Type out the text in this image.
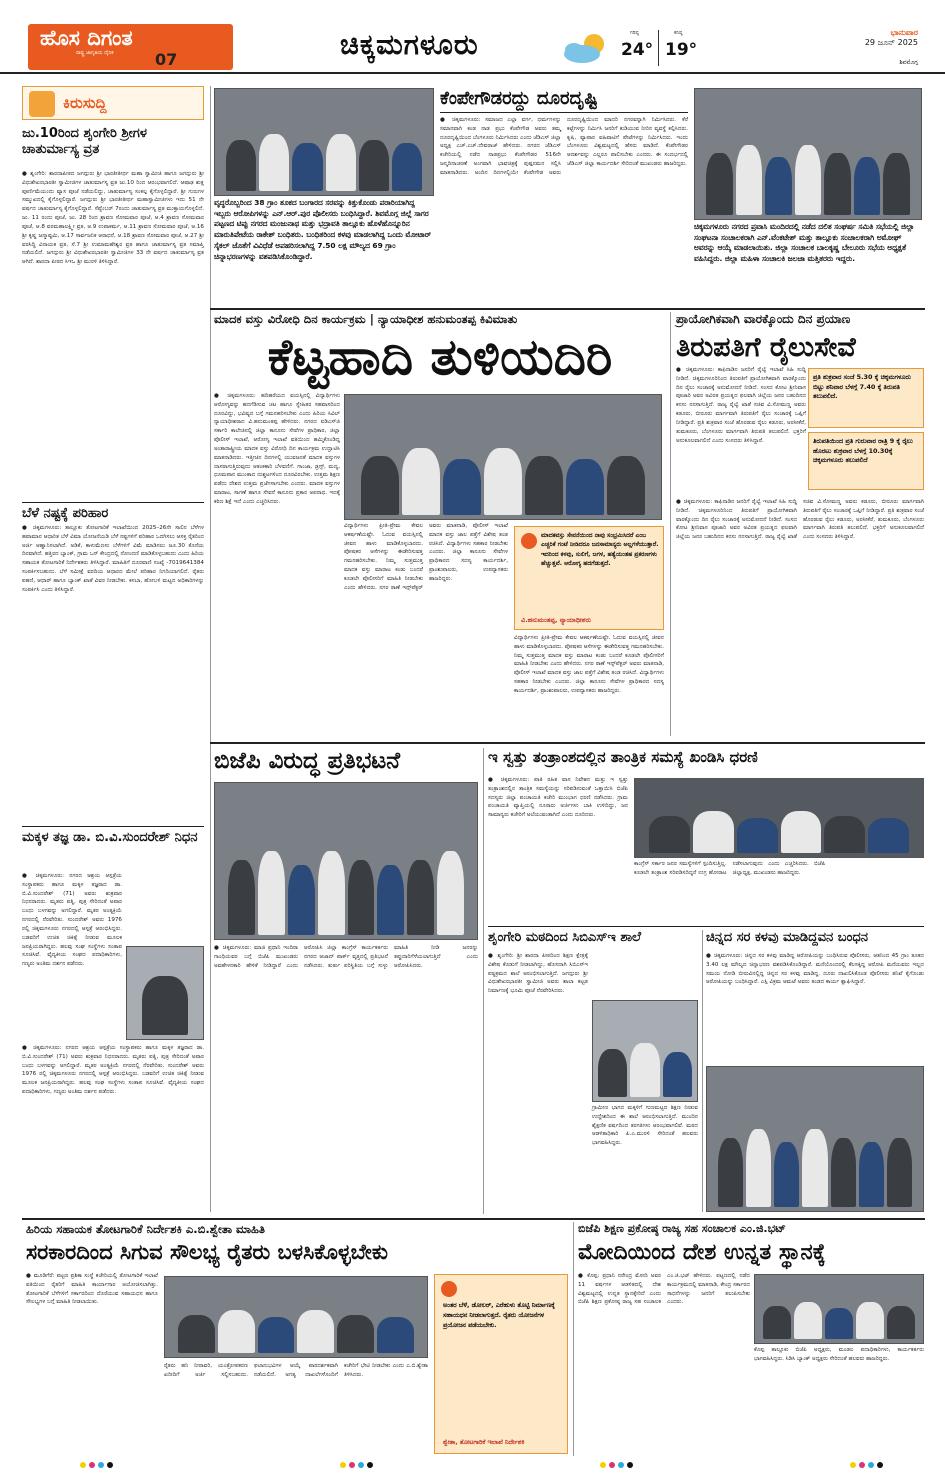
ಹೊಸ ದಿಗಂತ
ರಾಷ್ಟ್ರ ಜಾಗೃತಿಯ ದೈನಿಕ	07	ಚಿಕ್ಕಮಗಳೂರು	ಗರಿಷ್ಠ
24°
ಕನಿಷ್ಠ
19°
ಭಾನುವಾರ
29 ಜೂನ್ 2025
ಶಿವಮೊಗ್ಗ
ಕಿರುಸುದ್ದಿ
ಜು.10ರಿಂದ ಶೃಂಗೇರಿ ಶ್ರೀಗಳ ಚಾತುರ್ಮಾಸ್ಯ ವ್ರತ
● ಶೃಂಗೇರಿ: ಶಾರದಾಪೀಠದ ಜಗದ್ಗುರು ಶ್ರೀ ಭಾರತೀತೀರ್ಥ ಮಹಾ ಸ್ವಾಮೀಜಿ ಹಾಗೂ ಜಗದ್ಗುರು ಶ್ರೀ ವಿಧುಶೇಖರಭಾರತೀ ಸ್ವಾಮೀಜಿಗಳ ಚಾತುರ್ಮಾಸ್ಯ ವ್ರತ ಜು.10 ರಿಂದ ಆರಂಭವಾಗಲಿದೆ. ಆಷಾಢ ಶುಕ್ಲ ಪೂರ್ಣಿಮೆಯಂದು ವ್ಯಾಸ ಪೂಜೆ ನಡೆಯಲಿದ್ದು, ಚಾತುರ್ಮಾಸ್ಯ ಸಂಕಲ್ಪ ಕೈಗೊಳ್ಳಲಿದ್ದಾರೆ. ಶ್ರೀ ಗುರುಗಳ ಸಮ್ಮುಖದಲ್ಲಿ ಕೈಗೊಳ್ಳಲಿದ್ದಾರೆ. ಜಗದ್ಗುರು ಶ್ರೀ ಭಾರತೀತೀರ್ಥ ಮಹಾಸ್ವಾಮೀಜಿಗಳು ಇದು 51 ನೇ ವರ್ಷದ ಚಾತುರ್ಮಾಸ್ಯ ಕೈಗೊಳ್ಳಲಿದ್ದಾರೆ. ಸೆಪ್ಟೆಂಬರ್ 7ರಂದು ಚಾತುರ್ಮಾಸ್ಯ ವ್ರತ ಮುಕ್ತಾಯಗೊಳ್ಳಲಿದೆ. ಜು. 11 ರಂದು ಪೂಜೆ, ಜು. 28 ರಿಂದ ಶ್ರಾವಣ ಸೋಮವಾರ ಪೂಜೆ, ಆ.4 ಶ್ರಾವಣ ಸೋಮವಾರ ಪೂಜೆ, ಆ.8 ವರಮಹಾಲಕ್ಷ್ಮೀ ವ್ರತ, ಆ.9 ಉಪಾಕರ್ಮ, ಆ.11 ಶ್ರಾವಣ ಸೋಮವಾರ ಪೂಜೆ, ಆ.16 ಶ್ರೀ ಕೃಷ್ಣ ಜನ್ಮಾಷ್ಟಮಿ, ಆ.17 ಸಾರ್ವಜನಿಕ ಆರಾಧನೆ, ಆ.18 ಶ್ರಾವಣ ಸೋಮವಾರ ಪೂಜೆ, ಆ.27 ಶ್ರೀ ವರಸಿದ್ಧಿ ವಿನಾಯಕ ವ್ರತ, ಸೆ.7 ಶ್ರೀ ಉಮಾಮಹೇಶ್ವರ ವ್ರತ ಹಾಗೂ ಚಾತುರ್ಮಾಸ್ಯ ವ್ರತ ಸಮಾಪ್ತಿ ನಡೆಯಲಿದೆ. ಜಗದ್ಗುರು ಶ್ರೀ ವಿಧುಶೇಖರಭಾರತೀ ಸ್ವಾಮೀಜಿಗಳ 33 ನೇ ವರ್ಷದ ಚಾತುರ್ಮಾಸ್ಯ ವ್ರತ ಆಗಿದೆ. ಶಾರದಾ ಪೀಠದ ಸಿಇಒ ಶ್ರೀ ಮುರಳಿ ತಿಳಿಸಿದ್ದಾರೆ.
ಬೆಳೆ ನಷ್ಟಕ್ಕೆ ಪರಿಹಾರ
● ಚಿಕ್ಕಮಗಳೂರು: ತಾಲ್ಲೂಕು ತೋಟಗಾರಿಕೆ ಇಲಾಖೆಯಿಂದ 2025–26ನೇ ಸಾಲಿನ ಬೆಳೆಗಳ ಹವಾಮಾನ ಆಧಾರಿತ ಬೆಳೆ ವಿಮಾ ಯೋಜನೆಯಡಿ ಬೆಳೆ ನಷ್ಟಗಳಿಗೆ ಪರಿಹಾರ ಒದಗಿಸಲು ಆಸಕ್ತ ರೈತರಿಂದ ಅರ್ಜಿ ಆಹ್ವಾನಿಸಲಾಗಿದೆ. ಅಡಿಕೆ, ಕಾಳುಮೆಣಸು ಬೆಳೆಗಳಿಗೆ ವಿಮೆ ಮಾಡಿಸಲು ಜೂ.30 ಕೊನೆಯ ದಿನವಾಗಿದೆ. ಹತ್ತಿರದ ಬ್ಯಾಂಕ್, ಗ್ರಾಮ ಒನ್ ಕೇಂದ್ರದಲ್ಲಿ ನೋಂದಣಿ ಮಾಡಿಕೊಳ್ಳಬಹುದು ಎಂದು ಹಿರಿಯ ಸಹಾಯಕ ತೋಟಗಾರಿಕೆ ನಿರ್ದೇಶಕರು ತಿಳಿಸಿದ್ದಾರೆ. ಮಾಹಿತಿಗೆ ದೂರವಾಣಿ ಸಂಖ್ಯೆ -7019641384 ಸಂಪರ್ಕಿಸಬಹುದು. ಬೆಳೆ ಸಮೀಕ್ಷೆ ವರದಿಯ ಆಧಾರದ ಮೇಲೆ ಪರಿಹಾರ ನಿಗದಿಯಾಗಲಿದೆ. ರೈತರು ಪಹಣಿ, ಆಧಾರ್ ಹಾಗೂ ಬ್ಯಾಂಕ್ ಖಾತೆ ವಿವರ ನೀಡಬೇಕು. ಕಸಬಾ, ಹೋಬಳಿ ಮಟ್ಟದ ಅಧಿಕಾರಿಗಳನ್ನು ಸಂಪರ್ಕಿಸಿ ಎಂದು ತಿಳಿಸಿದ್ದಾರೆ.
ಮಕ್ಕಳ ತಜ್ಞ ಡಾ. ಬಿ.ವಿ.ಸುಂದರೇಶ್ ನಿಧನ
● ಚಿಕ್ಕಮಗಳೂರು: ನಗರದ ಆಶ್ರಯ ಆಸ್ಪತ್ರೆಯ ಸಂಸ್ಥಾಪಕರು ಹಾಗೂ ಮಕ್ಕಳ ತಜ್ಞರಾದ ಡಾ. ಬಿ.ವಿ.ಸುಂದರೇಶ್ (71) ಅವರು ಶುಕ್ರವಾರ ನಿಧನರಾದರು. ಮೃತರು ಪತ್ನಿ, ಪುತ್ರ ಸೇರಿದಂತೆ ಅಪಾರ ಬಂಧು ಬಳಗವನ್ನು ಅಗಲಿದ್ದಾರೆ. ಮೃತರ ಅಂತ್ಯಕ್ರಿಯೆ ನಗರದಲ್ಲಿ ನೆರವೇರಿತು. ಸುಂದರೇಶ್ ಅವರು 1976 ರಲ್ಲಿ ಚಿಕ್ಕಮಗಳೂರು ನಗರದಲ್ಲಿ ಆಸ್ಪತ್ರೆ ಆರಂಭಿಸಿದ್ದರು. ಬಡವರಿಗೆ ಉಚಿತ ಚಿಕಿತ್ಸೆ ನೀಡುವ ಮೂಲಕ ಜನಪ್ರಿಯರಾಗಿದ್ದರು. ಹಲವು ಸಂಘ ಸಂಸ್ಥೆಗಳು ಸಂತಾಪ ಸೂಚಿಸಿವೆ. ವೈದ್ಯಕೀಯ ಸಂಘದ ಪದಾಧಿಕಾರಿಗಳು, ಗಣ್ಯರು ಅಂತಿಮ ದರ್ಶನ ಪಡೆದರು.
● ಚಿಕ್ಕಮಗಳೂರು: ನಗರದ ಆಶ್ರಯ ಆಸ್ಪತ್ರೆಯ ಸಂಸ್ಥಾಪಕರು ಹಾಗೂ ಮಕ್ಕಳ ತಜ್ಞರಾದ ಡಾ. ಬಿ.ವಿ.ಸುಂದರೇಶ್ (71) ಅವರು ಶುಕ್ರವಾರ ನಿಧನರಾದರು. ಮೃತರು ಪತ್ನಿ, ಪುತ್ರ ಸೇರಿದಂತೆ ಅಪಾರ ಬಂಧು ಬಳಗವನ್ನು ಅಗಲಿದ್ದಾರೆ. ಮೃತರ ಅಂತ್ಯಕ್ರಿಯೆ ನಗರದಲ್ಲಿ ನೆರವೇರಿತು. ಸುಂದರೇಶ್ ಅವರು 1976 ರಲ್ಲಿ ಚಿಕ್ಕಮಗಳೂರು ನಗರದಲ್ಲಿ ಆಸ್ಪತ್ರೆ ಆರಂಭಿಸಿದ್ದರು. ಬಡವರಿಗೆ ಉಚಿತ ಚಿಕಿತ್ಸೆ ನೀಡುವ ಮೂಲಕ ಜನಪ್ರಿಯರಾಗಿದ್ದರು. ಹಲವು ಸಂಘ ಸಂಸ್ಥೆಗಳು ಸಂತಾಪ ಸೂಚಿಸಿವೆ. ವೈದ್ಯಕೀಯ ಸಂಘದ ಪದಾಧಿಕಾರಿಗಳು, ಗಣ್ಯರು ಅಂತಿಮ ದರ್ಶನ ಪಡೆದರು.
ವೃದ್ಧರೊಬ್ಬರಿಂದ 38 ಗ್ರಾಂ ತೂಕದ ಬಂಗಾರದ ಸರವನ್ನು ಕಿತ್ತುಕೊಂಡು ಪರಾರಿಯಾಗಿದ್ದ ಇಬ್ಬರು ಆರೋಪಿಗಳನ್ನು ಎನ್.ಆರ್.ಪುರ ಪೊಲೀಸರು ಬಂಧಿಸಿದ್ದಾರೆ. ಶಿವಮೊಗ್ಗ ಜಿಲ್ಲೆ ಸಾಗರ ಪಟ್ಟಣದ ಟಿಪ್ಪು ನಗರದ ಮಂಜುನಾಥ ಮತ್ತು ಭದ್ರಾವತಿ ತಾಲ್ಲೂಕು ಹೊಳೆಹೊನ್ನೂರಿನ ಮಾರುತಿಪೇಟೆಯ ರಾಕೇಶ್ ಬಂಧಿತರು. ಬಂಧಿತರಿಂದ ಕಳವು ಮಾಡಲಾಗಿದ್ದ ಒಂದು ಮೋಟಾರ್ ಸೈಕಲ್ ಜೊತೆಗೆ ವಿವಿಧೆಡೆ ಅಪಹರಿಸಲಾಗಿದ್ದ 7.50 ಲಕ್ಷ ಮೌಲ್ಯದ 69 ಗ್ರಾಂ ಚಿನ್ನಾಭರಣಗಳನ್ನು ವಶಪಡಿಸಿಕೊಂಡಿದ್ದಾರೆ.
ಕೆಂಪೇಗೌಡರದ್ದು ದೂರದೃಷ್ಟಿ
● ಚಿಕ್ಕಮಗಳೂರು: ಸಮಾಜದ ಎಲ್ಲಾ ವರ್ಗ, ಧರ್ಮಗಳನ್ನು ಸಮಾನವಾಗಿ ಕಂಡ ನಾಡ ಪ್ರಭು ಕೆಂಪೇಗೌಡ ಅವರು ತಮ್ಮ ದೂರದೃಷ್ಟಿಯಿಂದ ಬೆಂಗಳೂರು ನಿರ್ಮಿಸಿದರು ಎಂದು ಜೆಡಿಎಸ್ ಜಿಲ್ಲಾ ಅಧ್ಯಕ್ಷ ಎಚ್.ಎಚ್.ದೇವರಾಜ್ ಹೇಳಿದರು. ನಗರದ ಜೆಡಿಎಸ್ ಕಚೇರಿಯಲ್ಲಿ ನಡೆದ ನಾಡಪ್ರಭು ಕೆಂಪೇಗೌಡರ 516ನೇ ಜನ್ಮದಿನಾಚರಣೆ ಅಂಗವಾಗಿ ಭಾವಚಿತ್ರಕ್ಕೆ ಪುಷ್ಪನಮನ ಸಲ್ಲಿಸಿ ಮಾತನಾಡಿದರು. ಅಂದಿನ ದಿನಗಳಲ್ಲಿಯೇ ಕೆಂಪೇಗೌಡ ಅವರು ದೂರದೃಷ್ಟಿಯಿಂದ ಮಾದರಿ ನಗರವನ್ನಾಗಿ ನಿರ್ಮಿಸಿದರು. ಕೆರೆ ಕಟ್ಟೆಗಳನ್ನು ನಿರ್ಮಿಸಿ ಜನರಿಗೆ ಕುಡಿಯುವ ನೀರಿನ ವ್ಯವಸ್ಥೆ ಕಲ್ಪಿಸಿದರು. ಕೃಷಿ, ವ್ಯಾಪಾರ ವಹಿವಾಟಿಗೆ ಪೇಟೆಗಳನ್ನು ನಿರ್ಮಿಸಿದರು. ಇಂದು ಬೆಂಗಳೂರು ವಿಶ್ವಮಟ್ಟದಲ್ಲಿ ಹೆಸರು ಮಾಡಿದೆ. ಕೆಂಪೇಗೌಡರ ಆದರ್ಶವನ್ನು ಎಲ್ಲರೂ ಪಾಲಿಸಬೇಕು ಎಂದರು. ಈ ಸಂದರ್ಭದಲ್ಲಿ ಜೆಡಿಎಸ್ ಜಿಲ್ಲಾ ಕಾರ್ಯದರ್ಶಿ ಸೇರಿದಂತೆ ಮುಖಂಡರು ಹಾಜರಿದ್ದರು.
ಚಿಕ್ಕಮಗಳೂರು ನಗರದ ಪ್ರವಾಸಿ ಮಂದಿರದಲ್ಲಿ ನಡೆದ ದಲಿತ ಸಂಘರ್ಷ ಸಮಿತಿ ಸಭೆಯಲ್ಲಿ ಜಿಲ್ಲಾ ಸಂಘಟನಾ ಸಂಚಾಲಕರಾಗಿ ಎನ್.ವೆಂಕಟೇಶ್ ಮತ್ತು ತಾಲ್ಲೂಕು ಸಂಚಾಲಕರಾಗಿ ಅಮೋಘ್ ಅವರನ್ನು ಆಯ್ಕೆ ಮಾಡಲಾಯಿತು. ಜಿಲ್ಲಾ ಸಂಚಾಲಕ ಬಾಲಕೃಷ್ಣ ಬೇಲೂರು ಸಭೆಯ ಅಧ್ಯಕ್ಷತೆ ವಹಿಸಿದ್ದರು. ಜಿಲ್ಲಾ ಮಹಿಳಾ ಸಂಚಾಲಕಿ ಜಲಜಾ ಮತ್ತಿತರರು ಇದ್ದರು.
ಮಾದಕ ವಸ್ತು ವಿರೋಧಿ ದಿನ ಕಾರ್ಯಕ್ರಮ | ನ್ಯಾಯಾಧೀಶ ಹನುಮಂತಪ್ಪ ಕಿವಿಮಾತು
ಕೆಟ್ಟಹಾದಿ ತುಳಿಯದಿರಿ
● ಚಿಕ್ಕಮಗಳೂರು: ಹದಿಹರೆಯದ ವಯಸ್ಸಿನಲ್ಲಿ ವಿದ್ಯಾರ್ಥಿಗಳು ಆರೋಗ್ಯವನ್ನು ಹದಗೆಡಿಸುವ ಚಟ ಹಾಗೂ ಸ್ನೇಹಿತರ ಸಹವಾಸದಿಂದ ದೂರವಿದ್ದು, ಭವಿಷ್ಯದ ಬಗ್ಗೆ ಗಮನಹರಿಸಬೇಕು ಎಂದು ಹಿರಿಯ ಸಿವಿಲ್ ನ್ಯಾಯಾಧೀಶರಾದ ವಿ.ಹನುಮಂತಪ್ಪ ಹೇಳಿದರು. ನಗರದ ಐಡಿಎಸ್‌ಜಿ ಸರ್ಕಾರಿ ಕಾಲೇಜಿನಲ್ಲಿ ಜಿಲ್ಲಾ ಕಾನೂನು ಸೇವೆಗಳ ಪ್ರಾಧಿಕಾರ, ಜಿಲ್ಲಾ ಪೊಲೀಸ್ ಇಲಾಖೆ, ಆರೋಗ್ಯ ಇಲಾಖೆ ವತಿಯಿಂದ ಹಮ್ಮಿಕೊಂಡಿದ್ದ ಅಂತಾರಾಷ್ಟ್ರೀಯ ಮಾದಕ ವಸ್ತು ವಿರೋಧಿ ದಿನ ಕಾರ್ಯಕ್ರಮ ಉದ್ಘಾಟಿಸಿ ಮಾತನಾಡಿದರು. ಇತ್ತೀಚಿನ ದಿನಗಳಲ್ಲಿ ಯುವಜನತೆ ಮಾದಕ ವಸ್ತುಗಳ ದಾಸರಾಗುತ್ತಿರುವುದು ಆತಂಕಕಾರಿ ಬೆಳವಣಿಗೆ. ಗಾಂಜಾ, ಡ್ರಗ್ಸ್, ಮದ್ಯ, ಧೂಮಪಾನ ಮುಂತಾದ ದುಶ್ಚಟಗಳಿಂದ ದೂರವಿರಬೇಕು. ಉತ್ತಮ ಶಿಕ್ಷಣ ಪಡೆದು ದೇಶದ ಉತ್ತಮ ಪ್ರಜೆಗಳಾಗಬೇಕು ಎಂದರು. ಮಾದಕ ವಸ್ತುಗಳ ಮಾರಾಟ, ಸಾಗಣೆ ಹಾಗೂ ಸೇವನೆ ಕಾನೂನು ಪ್ರಕಾರ ಅಪರಾಧ. ಇದಕ್ಕೆ ಕಠಿಣ ಶಿಕ್ಷೆ ಇದೆ ಎಂದು ಎಚ್ಚರಿಸಿದರು.
ವಿದ್ಯಾರ್ಥಿಗಳು ಪ್ರೀತಿ-ಪ್ರೇಮ ಕೇವಲ ಆಕರ್ಷಣೆಯಷ್ಟೇ. ಓದುವ ವಯಸ್ಸಿನಲ್ಲಿ ಜೀವನ ಹಾಳು ಮಾಡಿಕೊಳ್ಳಬಾರದು. ಪೋಷಕರ ಆಸೆಗಳನ್ನು ಈಡೇರಿಸುವತ್ತ ಗಮನಹರಿಸಬೇಕು. ನಿಮ್ಮ ಸುತ್ತಮುತ್ತ ಮಾದಕ ವಸ್ತು ಮಾರಾಟ ಕಂಡು ಬಂದರೆ ಕೂಡಲೇ ಪೊಲೀಸರಿಗೆ ಮಾಹಿತಿ ನೀಡಬೇಕು ಎಂದು ಹೇಳಿದರು. ನಗರ ಠಾಣೆ ಇನ್ಸ್‌ಪೆಕ್ಟರ್ ಅವರು ಮಾತನಾಡಿ, ಪೊಲೀಸ್ ಇಲಾಖೆ ಮಾದಕ ವಸ್ತು ಜಾಲ ಪತ್ತೆಗೆ ವಿಶೇಷ ತಂಡ ರಚಿಸಿದೆ. ವಿದ್ಯಾರ್ಥಿಗಳು ಸಹಕಾರ ನೀಡಬೇಕು ಎಂದರು. ಜಿಲ್ಲಾ ಕಾನೂನು ಸೇವೆಗಳ ಪ್ರಾಧಿಕಾರದ ಸದಸ್ಯ ಕಾರ್ಯದರ್ಶಿ, ಪ್ರಾಂಶುಪಾಲರು, ಉಪನ್ಯಾಸಕರು ಹಾಜರಿದ್ದರು.
ಮಾದಕವಸ್ತು ಸೇವನೆಯಿಂದ ನಾವು ಸಂಭ್ರಮಿಸಿದರೆ ಎಂಬ ಎಚ್ಚರಿಕೆ ಗಂಟೆ ನೀಡಿದರೂ ಜನಸಾಮಾನ್ಯರು ಅಲ್ಲಗಳೆಯುತ್ತಾರೆ. ಇದರಿಂದ ಕಳವು, ಸುಲಿಗೆ, ಜಗಳ, ಹತ್ಯೆಯಂತಹ ಪ್ರಕರಣಗಳು ಹೆಚ್ಚುತ್ತವೆ. ಆರೋಗ್ಯ ಹದಗೆಡುತ್ತದೆ.
ವಿ.ಹನುಮಂತಪ್ಪ, ನ್ಯಾಯಾಧೀಶರು
ವಿದ್ಯಾರ್ಥಿಗಳು ಪ್ರೀತಿ-ಪ್ರೇಮ ಕೇವಲ ಆಕರ್ಷಣೆಯಷ್ಟೇ. ಓದುವ ವಯಸ್ಸಿನಲ್ಲಿ ಜೀವನ ಹಾಳು ಮಾಡಿಕೊಳ್ಳಬಾರದು. ಪೋಷಕರ ಆಸೆಗಳನ್ನು ಈಡೇರಿಸುವತ್ತ ಗಮನಹರಿಸಬೇಕು. ನಿಮ್ಮ ಸುತ್ತಮುತ್ತ ಮಾದಕ ವಸ್ತು ಮಾರಾಟ ಕಂಡು ಬಂದರೆ ಕೂಡಲೇ ಪೊಲೀಸರಿಗೆ ಮಾಹಿತಿ ನೀಡಬೇಕು ಎಂದು ಹೇಳಿದರು. ನಗರ ಠಾಣೆ ಇನ್ಸ್‌ಪೆಕ್ಟರ್ ಅವರು ಮಾತನಾಡಿ, ಪೊಲೀಸ್ ಇಲಾಖೆ ಮಾದಕ ವಸ್ತು ಜಾಲ ಪತ್ತೆಗೆ ವಿಶೇಷ ತಂಡ ರಚಿಸಿದೆ. ವಿದ್ಯಾರ್ಥಿಗಳು ಸಹಕಾರ ನೀಡಬೇಕು ಎಂದರು. ಜಿಲ್ಲಾ ಕಾನೂನು ಸೇವೆಗಳ ಪ್ರಾಧಿಕಾರದ ಸದಸ್ಯ ಕಾರ್ಯದರ್ಶಿ, ಪ್ರಾಂಶುಪಾಲರು, ಉಪನ್ಯಾಸಕರು ಹಾಜರಿದ್ದರು.
ಪ್ರಾಯೋಗಿಕವಾಗಿ ವಾರಕ್ಕೊಂದು ದಿನ ಪ್ರಯಾಣ
ತಿರುಪತಿಗೆ ರೈಲುಸೇವೆ
● ಚಿಕ್ಕಮಗಳೂರು: ಕಾಫಿನಾಡಿನ ಜನರಿಗೆ ರೈಲ್ವೆ ಇಲಾಖೆ ಸಿಹಿ ಸುದ್ದಿ ನೀಡಿದೆ. ಚಿಕ್ಕಮಗಳೂರಿನಿಂದ ತಿರುಪತಿಗೆ ಪ್ರಾಯೋಗಿಕವಾಗಿ ವಾರಕ್ಕೊಂದು ದಿನ ರೈಲು ಸಂಚಾರಕ್ಕೆ ಅನುಮೋದನೆ ನೀಡಿದೆ. ಸಂಸದ ಕೋಟ ಶ್ರೀನಿವಾಸ ಪೂಜಾರಿ ಅವರ ಅವಿರತ ಪ್ರಯತ್ನದ ಫಲವಾಗಿ ಜಿಲ್ಲೆಯ ಜನರ ಬಹುದಿನದ ಕನಸು ನನಸಾಗುತ್ತಿದೆ. ರಾಜ್ಯ ರೈಲ್ವೆ ಖಾತೆ ಸಚಿವ ವಿ.ಸೋಮಣ್ಣ ಅವರು ಕಡೂರು, ಬೀರೂರು ಮಾರ್ಗವಾಗಿ ತಿರುಪತಿಗೆ ರೈಲು ಸಂಚಾರಕ್ಕೆ ಒಪ್ಪಿಗೆ ನೀಡಿದ್ದಾರೆ. ಪ್ರತಿ ಶುಕ್ರವಾರ ಸಂಜೆ ಹೊರಡುವ ರೈಲು ಕಡೂರು, ಅರಸೀಕೆರೆ, ತುಮಕೂರು, ಬೆಂಗಳೂರು ಮಾರ್ಗವಾಗಿ ತಿರುಪತಿ ತಲುಪಲಿದೆ. ಭಕ್ತರಿಗೆ ಅನುಕೂಲವಾಗಲಿದೆ ಎಂದು ಸಂಸದರು ತಿಳಿಸಿದ್ದಾರೆ.
ಪ್ರತಿ ಶುಕ್ರವಾರ ಸಂಜೆ 5.30 ಕ್ಕೆ ಚಿಕ್ಕಮಗಳೂರು ಬಿಟ್ಟು ಶನಿವಾರ ಬೆಳಗ್ಗೆ 7.40 ಕ್ಕೆ ತಿರುಪತಿ ತಲುಪಲಿದೆ.
ತಿರುಪತಿಯಿಂದ ಪ್ರತಿ ಗುರುವಾರ ರಾತ್ರಿ 9 ಕ್ಕೆ ರೈಲು ಹೊರಟು ಶುಕ್ರವಾರ ಬೆಳಗ್ಗೆ 10.30ಕ್ಕೆ ಚಿಕ್ಕಮಗಳೂರು ತಲುಪಲಿದೆ
● ಚಿಕ್ಕಮಗಳೂರು: ಕಾಫಿನಾಡಿನ ಜನರಿಗೆ ರೈಲ್ವೆ ಇಲಾಖೆ ಸಿಹಿ ಸುದ್ದಿ ನೀಡಿದೆ. ಚಿಕ್ಕಮಗಳೂರಿನಿಂದ ತಿರುಪತಿಗೆ ಪ್ರಾಯೋಗಿಕವಾಗಿ ವಾರಕ್ಕೊಂದು ದಿನ ರೈಲು ಸಂಚಾರಕ್ಕೆ ಅನುಮೋದನೆ ನೀಡಿದೆ. ಸಂಸದ ಕೋಟ ಶ್ರೀನಿವಾಸ ಪೂಜಾರಿ ಅವರ ಅವಿರತ ಪ್ರಯತ್ನದ ಫಲವಾಗಿ ಜಿಲ್ಲೆಯ ಜನರ ಬಹುದಿನದ ಕನಸು ನನಸಾಗುತ್ತಿದೆ. ರಾಜ್ಯ ರೈಲ್ವೆ ಖಾತೆ ಸಚಿವ ವಿ.ಸೋಮಣ್ಣ ಅವರು ಕಡೂರು, ಬೀರೂರು ಮಾರ್ಗವಾಗಿ ತಿರುಪತಿಗೆ ರೈಲು ಸಂಚಾರಕ್ಕೆ ಒಪ್ಪಿಗೆ ನೀಡಿದ್ದಾರೆ. ಪ್ರತಿ ಶುಕ್ರವಾರ ಸಂಜೆ ಹೊರಡುವ ರೈಲು ಕಡೂರು, ಅರಸೀಕೆರೆ, ತುಮಕೂರು, ಬೆಂಗಳೂರು ಮಾರ್ಗವಾಗಿ ತಿರುಪತಿ ತಲುಪಲಿದೆ. ಭಕ್ತರಿಗೆ ಅನುಕೂಲವಾಗಲಿದೆ ಎಂದು ಸಂಸದರು ತಿಳಿಸಿದ್ದಾರೆ.
ಬಿಜೆಪಿ ವಿರುದ್ಧ ಪ್ರತಿಭಟನೆ
● ಚಿಕ್ಕಮಗಳೂರು: ಮಾಜಿ ಪ್ರಧಾನಿ ಇಂದಿರಾ ಗಾಂಧಿಯವರ ಬಗ್ಗೆ ಬಿಜೆಪಿ ಮುಖಂಡರು ಅವಹೇಳನಕಾರಿ ಹೇಳಿಕೆ ನೀಡಿದ್ದಾರೆ ಎಂದು ಆರೋಪಿಸಿ ಜಿಲ್ಲಾ ಕಾಂಗ್ರೆಸ್ ಕಾರ್ಯಕರ್ತರು ನಗರದ ಆಜಾದ್ ಪಾರ್ಕ್ ವೃತ್ತದಲ್ಲಿ ಪ್ರತಿಭಟನೆ ನಡೆಸಿದರು. ತುರ್ತು ಪರಿಸ್ಥಿತಿಯ ಬಗ್ಗೆ ಸುಳ್ಳು ಮಾಹಿತಿ ನೀಡಿ ಜನರನ್ನು ತಪ್ಪುದಾರಿಗೆಳೆಯಲಾಗುತ್ತಿದೆ ಎಂದು ಆರೋಪಿಸಿದರು.
ಇ ಸ್ವತ್ತು ತಂತ್ರಾಂಶದಲ್ಲಿನ ತಾಂತ್ರಿಕ ಸಮಸ್ಯೆ ಖಂಡಿಸಿ ಧರಣಿ
● ಚಿಕ್ಕಮಗಳೂರು: ಪಾತಿ ರಹಿತ ವಾಸ ನಿವೇಶನ ಮತ್ತು ಇ ಸ್ವತ್ತು ತಂತ್ರಾಂಶದಲ್ಲಿನ ತಾಂತ್ರಿಕ ಸಮಸ್ಯೆಯನ್ನು ಸರಿಪಡಿಸುವಂತೆ ಒತ್ತಾಯಿಸಿ ಬಿಜೆಪಿ ಸದಸ್ಯರು ಜಿಲ್ಲಾ ಪಂಚಾಯತಿ ಕಚೇರಿ ಮುಂಭಾಗ ಧರಣಿ ನಡೆಸಿದರು. ಗ್ರಾಮ ಪಂಚಾಯತಿ ವ್ಯಾಪ್ತಿಯಲ್ಲಿ ನೂರಾರು ಅರ್ಜಿಗಳು ಬಾಕಿ ಉಳಿದಿದ್ದು, ಜನ ಸಾಮಾನ್ಯರು ಕಚೇರಿಗೆ ಅಲೆಯುವಂತಾಗಿದೆ ಎಂದು ದೂರಿದರು.
ಕಾಂಗ್ರೆಸ್ ಸರ್ಕಾರ ಜನರ ಸಮಸ್ಯೆಗಳಿಗೆ ಸ್ಪಂದಿಸುತ್ತಿಲ್ಲ. ಕೂಡಲೇ ತಂತ್ರಾಂಶ ಸರಿಪಡಿಸದಿದ್ದರೆ ಉಗ್ರ ಹೋರಾಟ ನಡೆಸಲಾಗುವುದು ಎಂದು ಎಚ್ಚರಿಸಿದರು. ಬಿಜೆಪಿ ಜಿಲ್ಲಾಧ್ಯಕ್ಷ, ಮುಖಂಡರು ಹಾಜರಿದ್ದರು.
ಶೃಂಗೇರಿ ಮಠದಿಂದ ಸಿಬಿಎಸ್‌ಇ ಶಾಲೆ
● ಶೃಂಗೇರಿ: ಶ್ರೀ ಶಾರದಾ ಪೀಠದಿಂದ ಶಿಕ್ಷಣ ಕ್ಷೇತ್ರಕ್ಕೆ ವಿಶೇಷ ಕೊಡುಗೆ ನೀಡಲಾಗಿದ್ದು, ಹೊಸದಾಗಿ ಸಿಬಿಎಸ್‌ಇ ಪಠ್ಯಕ್ರಮದ ಶಾಲೆ ಆರಂಭಿಸಲಾಗುತ್ತಿದೆ. ಜಗದ್ಗುರು ಶ್ರೀ ವಿಧುಶೇಖರಭಾರತೀ ಸ್ವಾಮೀಜಿ ಅವರು ಶಾಲಾ ಕಟ್ಟಡ ನಿರ್ಮಾಣಕ್ಕೆ ಭೂಮಿ ಪೂಜೆ ನೆರವೇರಿಸಿದರು.
ಗ್ರಾಮೀಣ ಭಾಗದ ಮಕ್ಕಳಿಗೆ ಗುಣಮಟ್ಟದ ಶಿಕ್ಷಣ ನೀಡುವ ಉದ್ದೇಶದಿಂದ ಈ ಶಾಲೆ ಆರಂಭಿಸಲಾಗುತ್ತಿದೆ. ಮುಂದಿನ ಶೈಕ್ಷಣಿಕ ವರ್ಷದಿಂದ ತರಗತಿಗಳು ಆರಂಭವಾಗಲಿವೆ. ಮಠದ ಆಡಳಿತಾಧಿಕಾರಿ ಪಿ.ಎ.ಮುರಳಿ ಸೇರಿದಂತೆ ಹಲವರು ಭಾಗವಹಿಸಿದ್ದರು.
ಚಿನ್ನದ ಸರ ಕಳವು ಮಾಡಿದ್ದವನ ಬಂಧನ
● ಚಿಕ್ಕಮಗಳೂರು: ಚಿನ್ನದ ಸರ ಕಳವು ಮಾಡಿದ್ದ ಆರೋಪಿಯನ್ನು ಬಂಧಿಸಿರುವ ಪೊಲೀಸರು, ಆತನಿಂದ 45 ಗ್ರಾಂ ತೂಕದ 3.40 ಲಕ್ಷ ಮೌಲ್ಯದ ಚಿನ್ನಾಭರಣ ವಶಪಡಿಸಿಕೊಂಡಿದ್ದಾರೆ. ಮನೆಯೊಂದರಲ್ಲಿ ಕೆಲಸಕ್ಕಿದ್ದ ಆರೋಪಿ ಮನೆಯವರು ಇಲ್ಲದ ಸಮಯ ನೋಡಿ ಬೀರುವಿನಲ್ಲಿದ್ದ ಚಿನ್ನದ ಸರ ಕಳವು ಮಾಡಿದ್ದ. ದೂರು ದಾಖಲಿಸಿಕೊಂಡ ಪೊಲೀಸರು ತನಿಖೆ ಕೈಗೊಂಡು ಆರೋಪಿಯನ್ನು ಬಂಧಿಸಿದ್ದಾರೆ. ಎಸ್ಪಿ ವಿಕ್ರಮ ಆಮಟೆ ಅವರು ತಂಡದ ಕಾರ್ಯ ಶ್ಲಾಘಿಸಿದ್ದಾರೆ.
ಹಿರಿಯ ಸಹಾಯಕ ತೋಟಗಾರಿಕೆ ನಿರ್ದೇಶಕಿ ಎ.ಬಿ.ಶ್ವೇತಾ ಮಾಹಿತಿ
ಸರಕಾರದಿಂದ ಸಿಗುವ ಸೌಲಭ್ಯ ರೈತರು ಬಳಸಿಕೊಳ್ಳಬೇಕು
● ಮೂಡಿಗೆರೆ: ಪಟ್ಟಣ ಪ್ರಶಿಕಾ ಸಂಸ್ಥೆ ಕಚೇರಿಯಲ್ಲಿ ತೋಟಗಾರಿಕೆ ಇಲಾಖೆ ವತಿಯಿಂದ ರೈತರಿಗೆ ಮಾಹಿತಿ ಕಾರ್ಯಾಗಾರ ಆಯೋಜಿಸಲಾಗಿತ್ತು. ತೋಟಗಾರಿಕೆ ಬೆಳೆಗಳಿಗೆ ಸರ್ಕಾರದಿಂದ ದೊರೆಯುವ ಸಹಾಯಧನ ಹಾಗೂ ಸೌಲಭ್ಯಗಳ ಬಗ್ಗೆ ಮಾಹಿತಿ ನೀಡಲಾಯಿತು.
ರೈತರು ಹನಿ ನೀರಾವರಿ, ಯಂತ್ರೋಪಕರಣ ಖರೀದಿಗೆ ಅರ್ಜಿ ಸಲ್ಲಿಸಬಹುದು. ಫಲಾನುಭವಿಗಳ ಆಯ್ಕೆ ಪಾರದರ್ಶಕವಾಗಿ ನಡೆಯಲಿದೆ. ಅಗತ್ಯ ದಾಖಲೆಗಳೊಂದಿಗೆ ಕಚೇರಿಗೆ ಭೇಟಿ ನೀಡಬೇಕು ಎಂದು ಎ.ಬಿ.ಶ್ವೇತಾ ತಿಳಿಸಿದರು.
ಅಂತರ ಬೆಳೆ, ಡೋಲರ್, ಎರೆಹುಳು ತೊಟ್ಟಿ ನಿರ್ಮಾಣಕ್ಕೆ ಸಹಾಯಧನ ನೀಡಲಾಗುತ್ತದೆ. ರೈತರು ಯೋಜನೆಗಳ ಪ್ರಯೋಜನ ಪಡೆಯಬೇಕು.
ಶ್ವೇತಾ, ತೋಟಗಾರಿಕೆ ಇಲಾಖೆ ನಿರ್ದೇಶಕಿ
ಬಿಜೆಪಿ ಶಿಕ್ಷಣ ಪ್ರಕೋಷ್ಠ ರಾಜ್ಯ ಸಹ ಸಂಚಾಲಕ ಎಂ.ಜಿ.ಭಟ್
ಮೋದಿಯಿಂದ ದೇಶ ಉನ್ನತ ಸ್ಥಾನಕ್ಕೆ
● ಕೊಪ್ಪ: ಪ್ರಧಾನಿ ನರೇಂದ್ರ ಮೋದಿ ಅವರ 11 ವರ್ಷಗಳ ಆಡಳಿತದಲ್ಲಿ ದೇಶ ವಿಶ್ವಮಟ್ಟದಲ್ಲಿ ಉನ್ನತ ಸ್ಥಾನಕ್ಕೇರಿದೆ ಎಂದು ಬಿಜೆಪಿ ಶಿಕ್ಷಣ ಪ್ರಕೋಷ್ಠ ರಾಜ್ಯ ಸಹ ಸಂಚಾಲಕ ಎಂ.ಜಿ.ಭಟ್ ಹೇಳಿದರು. ಪಟ್ಟಣದಲ್ಲಿ ನಡೆದ ಕಾರ್ಯಕ್ರಮದಲ್ಲಿ ಮಾತನಾಡಿ, ಕೇಂದ್ರ ಸರ್ಕಾರದ ಸಾಧನೆಗಳನ್ನು ಜನರಿಗೆ ತಲುಪಿಸಬೇಕು ಎಂದರು.
ಕೊಪ್ಪ ತಾಲ್ಲೂಕು ಬಿಜೆಪಿ ಅಧ್ಯಕ್ಷರು, ಮಂಡಲ ಪದಾಧಿಕಾರಿಗಳು, ಕಾರ್ಯಕರ್ತರು ಭಾಗವಹಿಸಿದ್ದರು. ಸಿಡಿಸಿ ಬ್ಯಾಂಕ್ ಅಧ್ಯಕ್ಷರು ಸೇರಿದಂತೆ ಹಲವರು ಹಾಜರಿದ್ದರು.
